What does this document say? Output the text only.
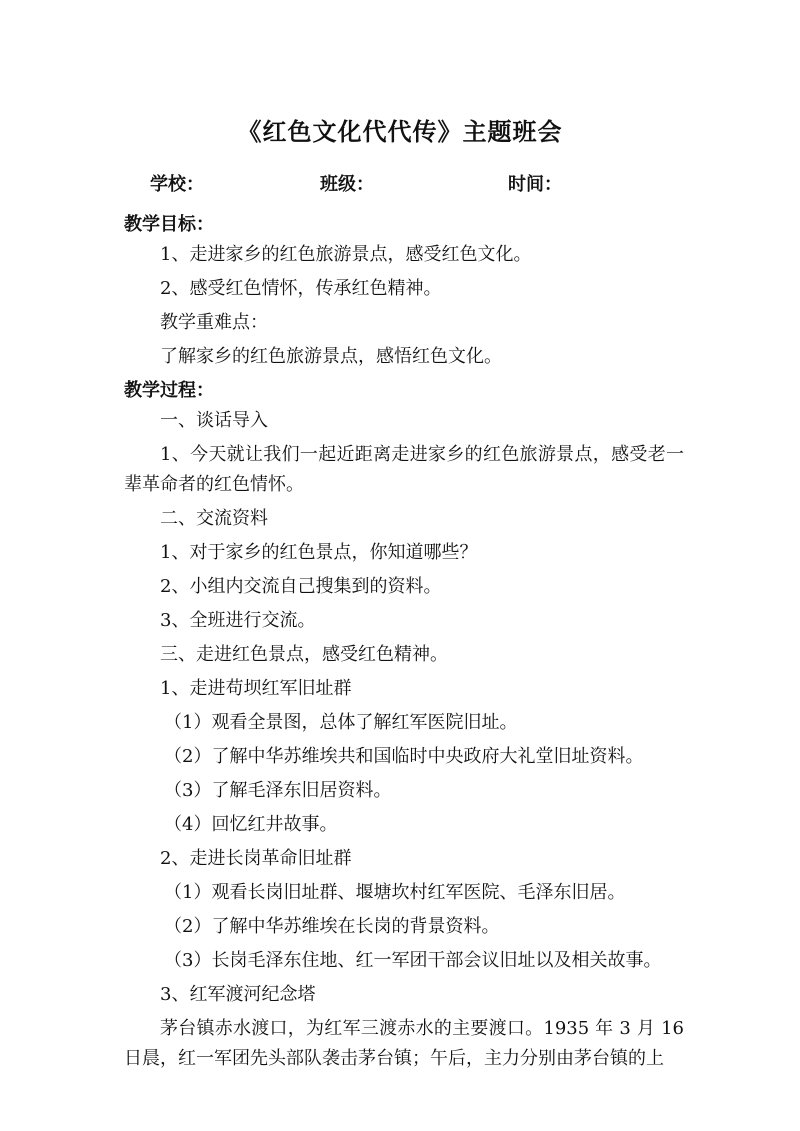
《红色文化代代传》主题班会
学校：	班级：	时间：

教学目标：

1、走进家乡的红色旅游景点，感受红色文化。

2、感受红色情怀，传承红色精神。

教学重难点：

了解家乡的红色旅游景点，感悟红色文化。

教学过程：

一、谈话导入

1、今天就让我们一起近距离走进家乡的红色旅游景点，感受老一辈革命者的红色情怀。

二、交流资料

1、对于家乡的红色景点，你知道哪些？

2、小组内交流自己搜集到的资料。

3、全班进行交流。

三、走进红色景点，感受红色精神。

1、走进苟坝红军旧址群

（1）观看全景图，总体了解红军医院旧址。

（2）了解中华苏维埃共和国临时中央政府大礼堂旧址资料。

（3）了解毛泽东旧居资料。

（4）回忆红井故事。

2、走进长岗革命旧址群

（1）观看长岗旧址群、堰塘坎村红军医院、毛泽东旧居。

（2）了解中华苏维埃在长岗的背景资料。

（3）长岗毛泽东住地、红一军团干部会议旧址以及相关故事。

3、红军渡河纪念塔

茅台镇赤水渡口，为红军三渡赤水的主要渡口。1935 年 3 月 16 日晨，红一军团先头部队袭击茅台镇；午后，主力分别由茅台镇的上
